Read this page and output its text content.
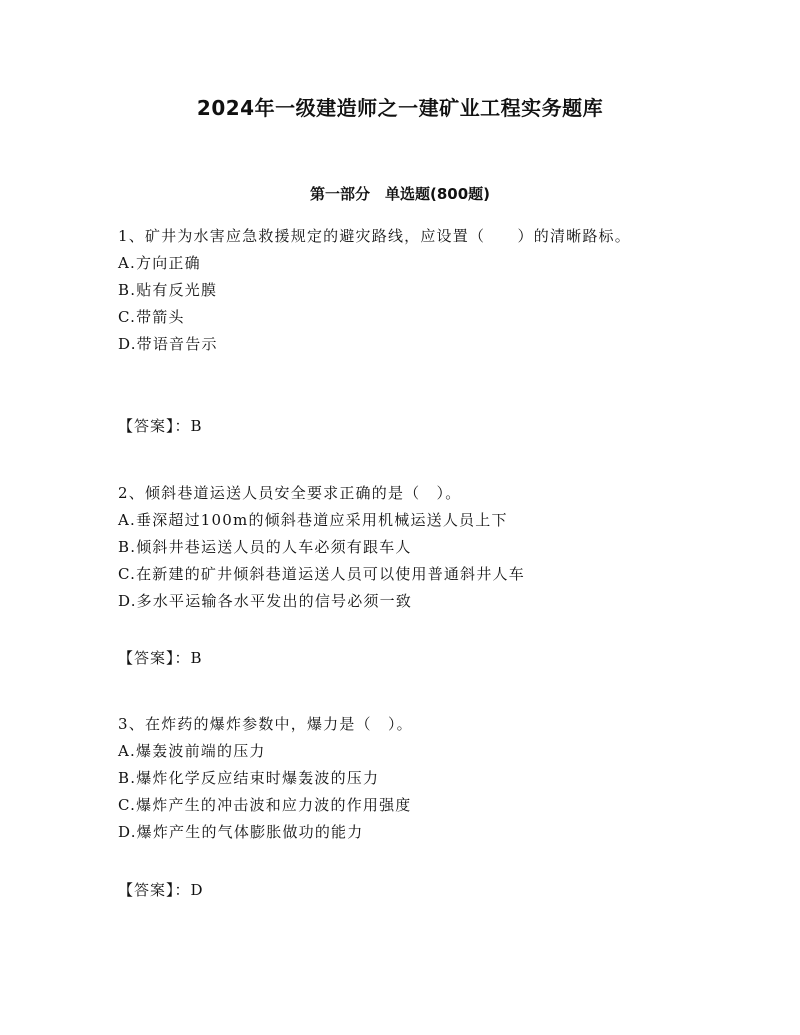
2024年一级建造师之一建矿业工程实务题库
第一部分　单选题(800题)

1、矿井为水害应急救援规定的避灾路线，应设置（　　）的清晰路标。

A.方向正确
B.贴有反光膜
C.带箭头
D.带语音告示
【答案】：B

2、倾斜巷道运送人员安全要求正确的是（　）。

A.垂深超过100m的倾斜巷道应采用机械运送人员上下
B.倾斜井巷运送人员的人车必须有跟车人
C.在新建的矿井倾斜巷道运送人员可以使用普通斜井人车
D.多水平运输各水平发出的信号必须一致
【答案】：B

3、在炸药的爆炸参数中，爆力是（　）。

A.爆轰波前端的压力
B.爆炸化学反应结束时爆轰波的压力
C.爆炸产生的冲击波和应力波的作用强度
D.爆炸产生的气体膨胀做功的能力
【答案】：D
